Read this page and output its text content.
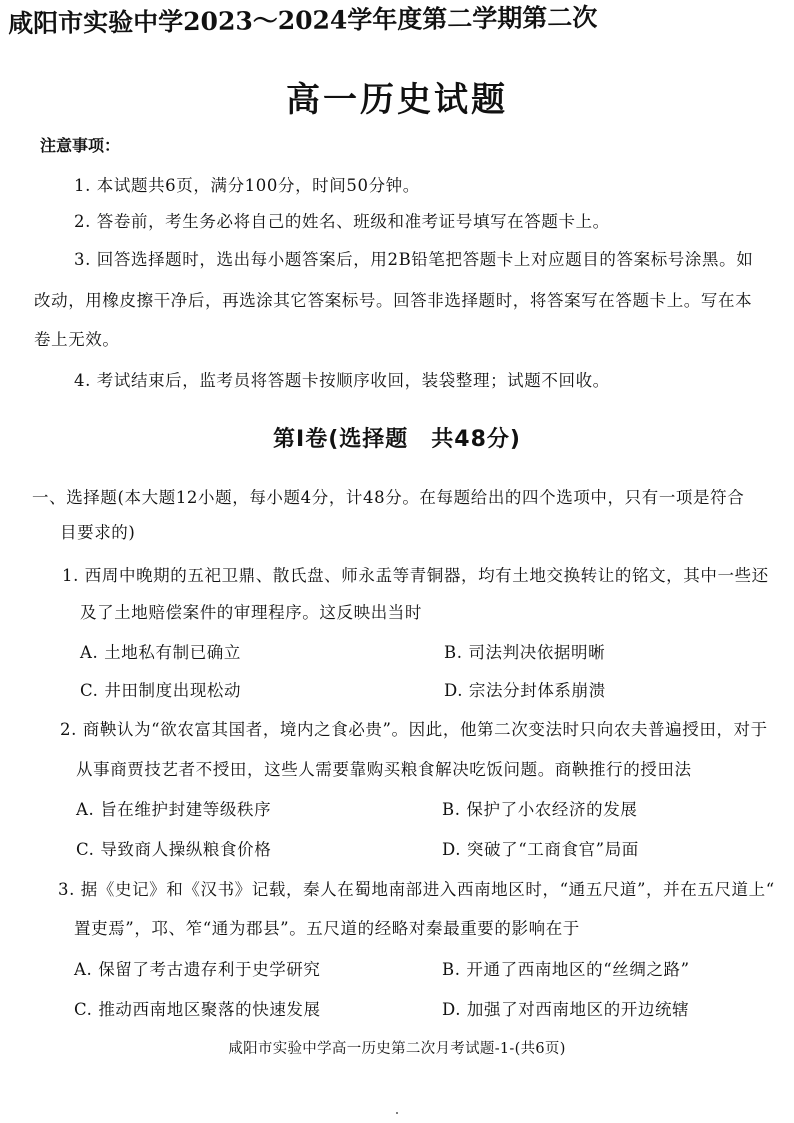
咸阳市实验中学2023～2024学年度第二学期第二次
高一历史试题
注意事项：
1. 本试题共6页，满分100分，时间50分钟。
2. 答卷前，考生务必将自己的姓名、班级和准考证号填写在答题卡上。
3. 回答选择题时，选出每小题答案后，用2B铅笔把答题卡上对应题目的答案标号涂黑。如
改动，用橡皮擦干净后，再选涂其它答案标号。回答非选择题时，将答案写在答题卡上。写在本
卷上无效。
4. 考试结束后，监考员将答题卡按顺序收回，装袋整理；试题不回收。
第Ⅰ卷(选择题　共48分)
一、选择题(本大题12小题，每小题4分，计48分。在每题给出的四个选项中，只有一项是符合
目要求的)
1. 西周中晚期的五祀卫鼎、散氏盘、师永盂等青铜器，均有土地交换转让的铭文，其中一些还
及了土地赔偿案件的审理程序。这反映出当时
A. 土地私有制已确立	B. 司法判决依据明晰
C. 井田制度出现松动	D. 宗法分封体系崩溃
2. 商鞅认为“欲农富其国者，境内之食必贵”。因此，他第二次变法时只向农夫普遍授田，对于
从事商贾技艺者不授田，这些人需要靠购买粮食解决吃饭问题。商鞅推行的授田法
A. 旨在维护封建等级秩序	B. 保护了小农经济的发展
C. 导致商人操纵粮食价格	D. 突破了“工商食官”局面
3. 据《史记》和《汉书》记载，秦人在蜀地南部进入西南地区时，“通五尺道”，并在五尺道上“
置吏焉”，邛、笮“通为郡县”。五尺道的经略对秦最重要的影响在于
A. 保留了考古遗存利于史学研究	B. 开通了西南地区的“丝绸之路”
C. 推动西南地区聚落的快速发展	D. 加强了对西南地区的开边统辖
咸阳市实验中学高一历史第二次月考试题-1-(共6页)
